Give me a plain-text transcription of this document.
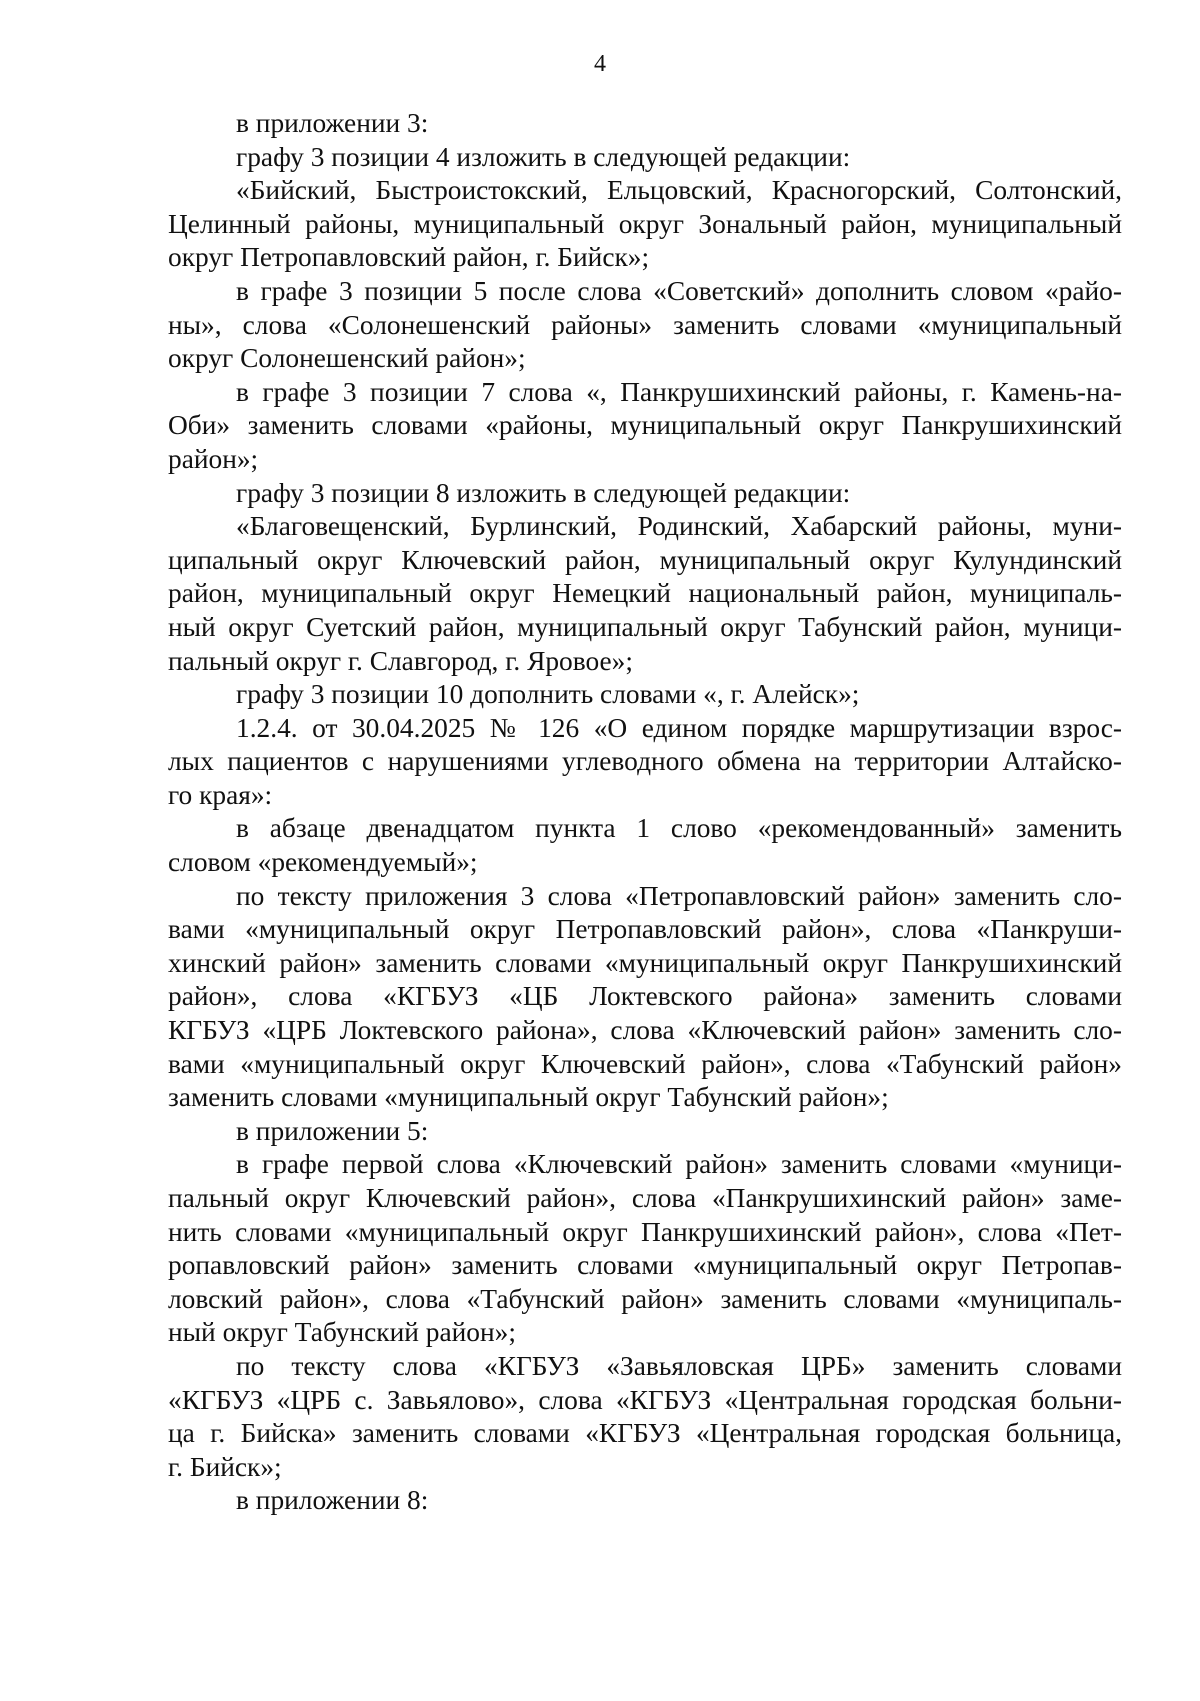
4

в приложении 3:

графу 3 позиции 4 изложить в следующей редакции:

«Бийский, Быстроистокский, Ельцовский, Красногорский, Солтонский,
Целинный районы, муниципальный округ Зональный район, муниципальный
округ Петропавловский район, г. Бийск»;

в графе 3 позиции 5 после слова «Советский» дополнить словом «райо-
ны», слова «Солонешенский районы» заменить словами «муниципальный
округ Солонешенский район»;

в графе 3 позиции 7 слова «, Панкрушихинский районы, г. Камень-на-
Оби» заменить словами «районы, муниципальный округ Панкрушихинский
район»;

графу 3 позиции 8 изложить в следующей редакции:

«Благовещенский, Бурлинский, Родинский, Хабарский районы, муни-
ципальный округ Ключевский район, муниципальный округ Кулундинский
район, муниципальный округ Немецкий национальный район, муниципаль-
ный округ Суетский район, муниципальный округ Табунский район, муници-
пальный округ г. Славгород, г. Яровое»;

графу 3 позиции 10 дополнить словами «, г. Алейск»;

1.2.4. от 30.04.2025 № 126 «О едином порядке маршрутизации взрос-
лых пациентов с нарушениями углеводного обмена на территории Алтайско-
го края»:

в абзаце двенадцатом пункта 1 слово «рекомендованный» заменить
словом «рекомендуемый»;

по тексту приложения 3 слова «Петропавловский район» заменить сло-
вами «муниципальный округ Петропавловский район», слова «Панкруши-
хинский район» заменить словами «муниципальный округ Панкрушихинский
район», слова «КГБУЗ «ЦБ Локтевского района» заменить словами
КГБУЗ «ЦРБ Локтевского района», слова «Ключевский район» заменить сло-
вами «муниципальный округ Ключевский район», слова «Табунский район»
заменить словами «муниципальный округ Табунский район»;

в приложении 5:

в графе первой слова «Ключевский район» заменить словами «муници-
пальный округ Ключевский район», слова «Панкрушихинский район» заме-
нить словами «муниципальный округ Панкрушихинский район», слова «Пет-
ропавловский район» заменить словами «муниципальный округ Петропав-
ловский район», слова «Табунский район» заменить словами «муниципаль-
ный округ Табунский район»;

по тексту слова «КГБУЗ «Завьяловская ЦРБ» заменить словами
«КГБУЗ «ЦРБ с. Завьялово», слова «КГБУЗ «Центральная городская больни-
ца г. Бийска» заменить словами «КГБУЗ «Центральная городская больница,
г. Бийск»;

в приложении 8:
